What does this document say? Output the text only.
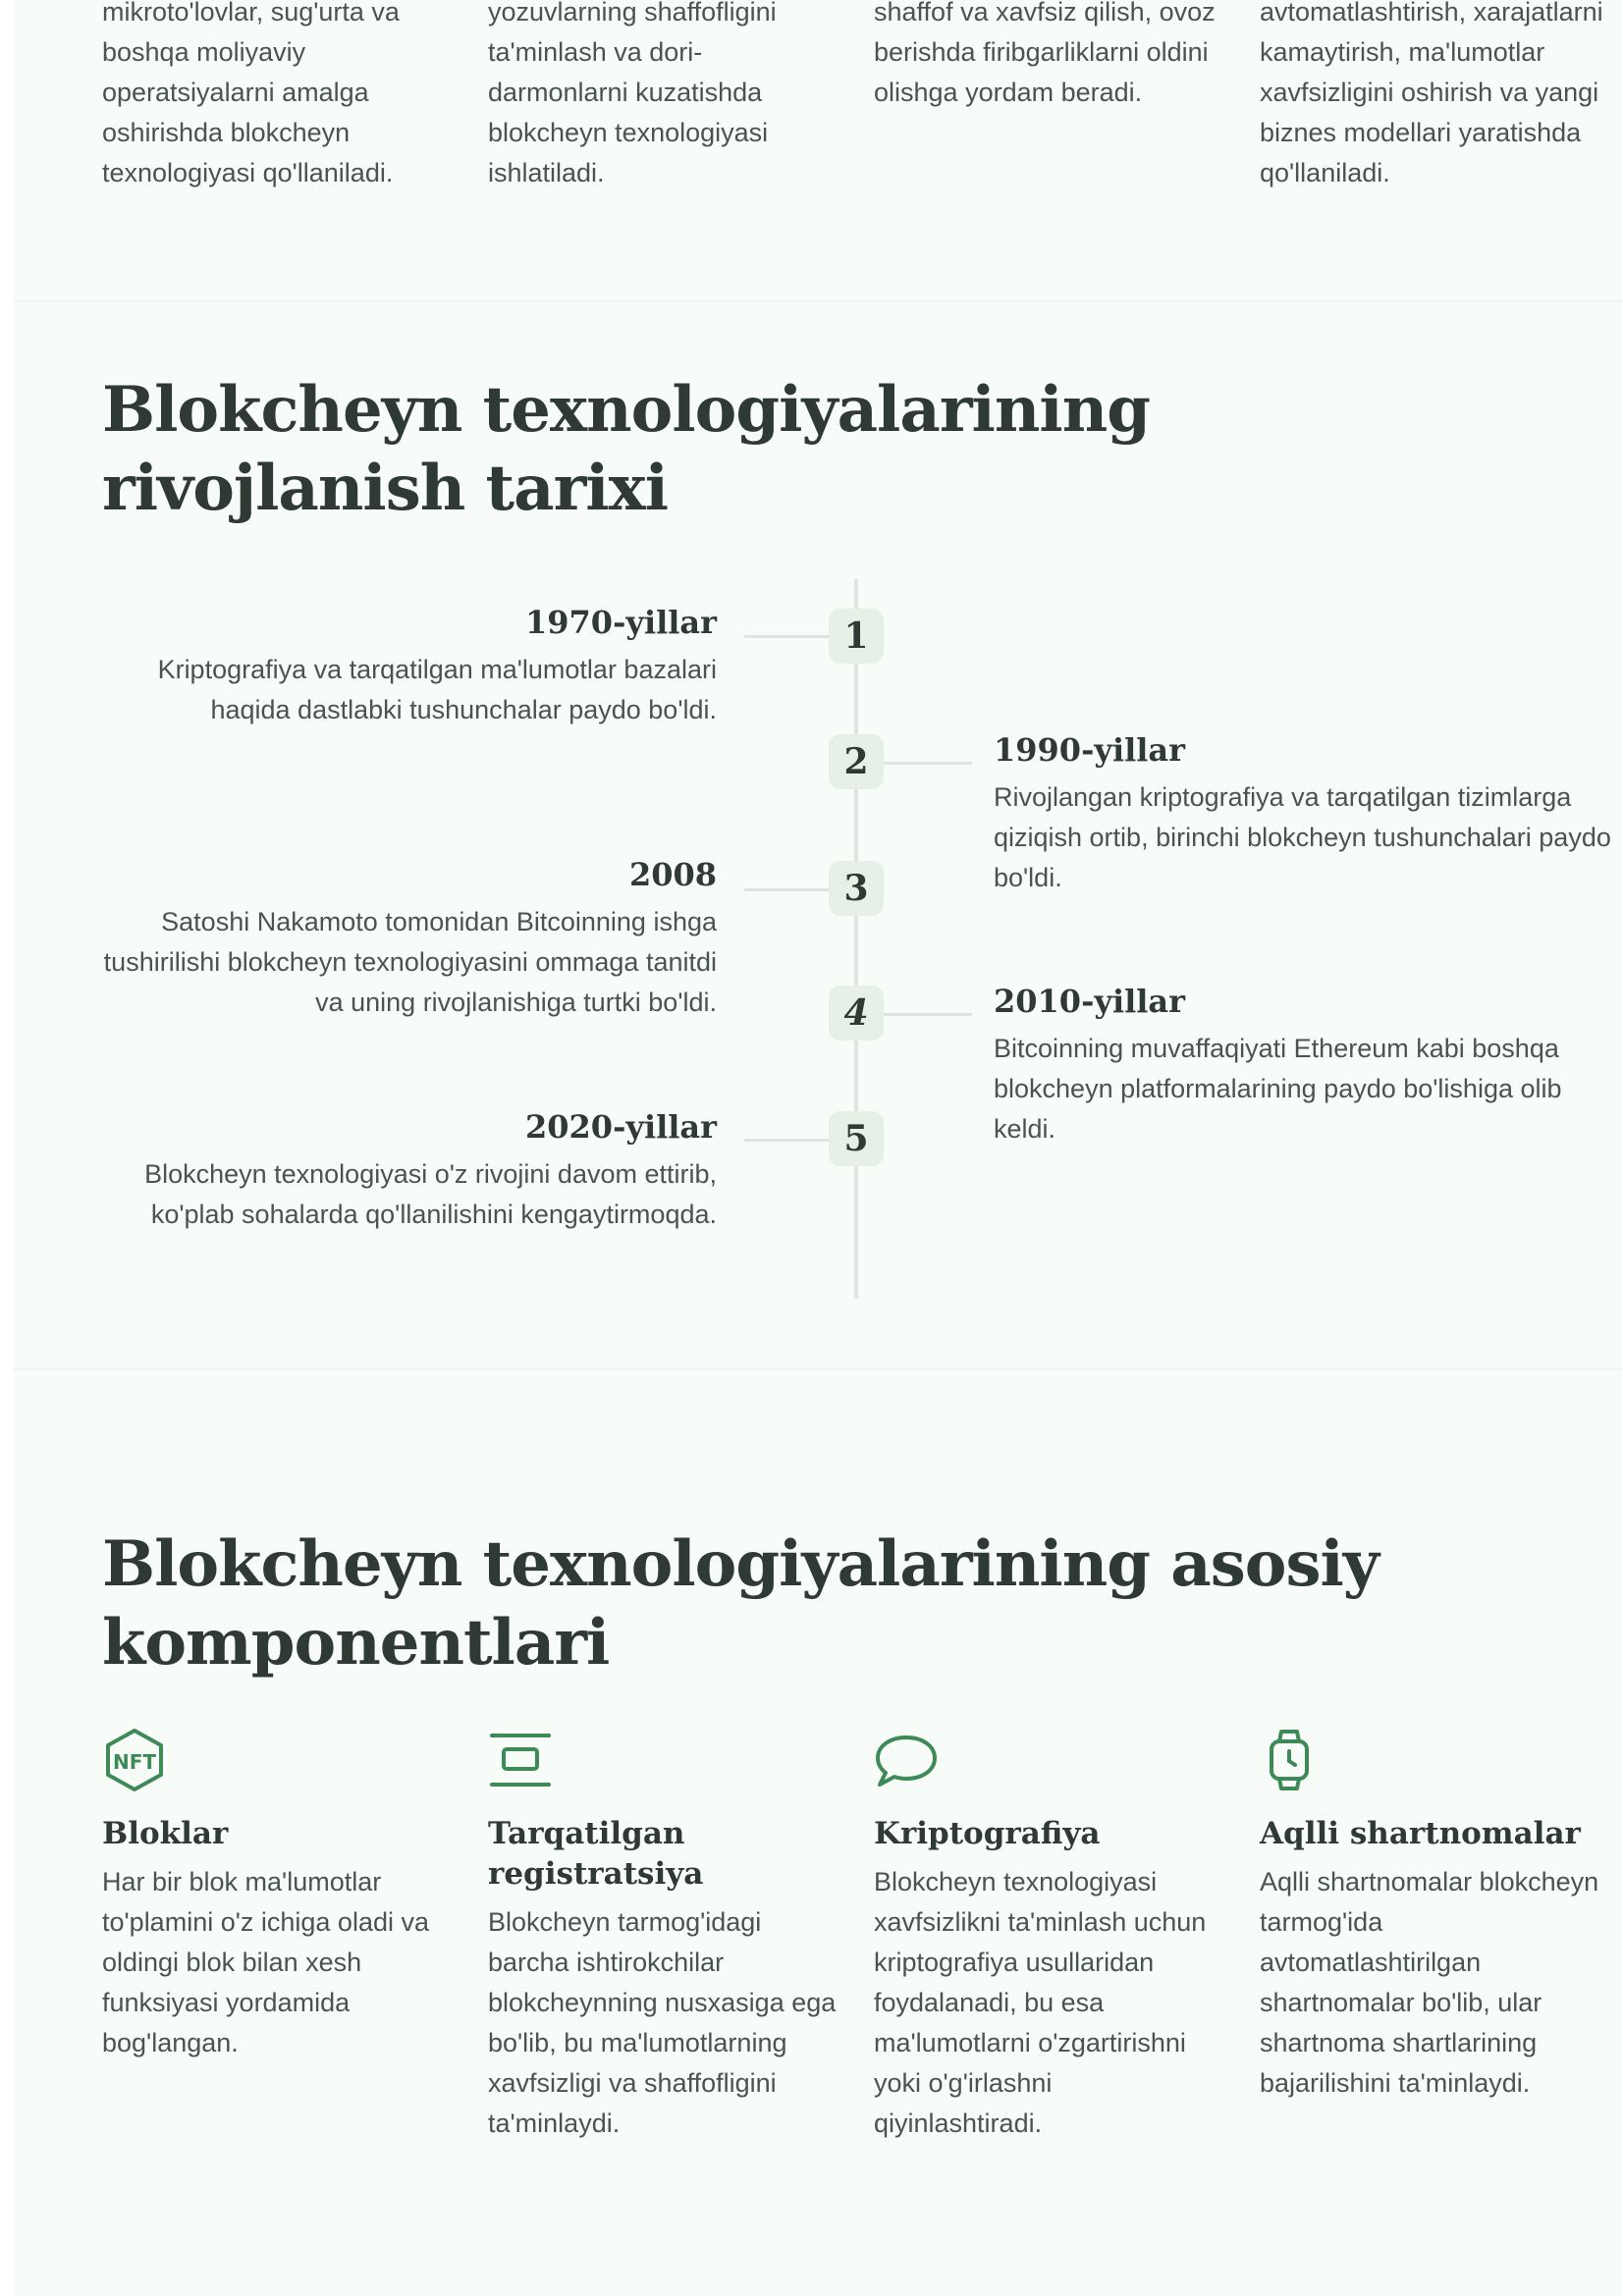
mikroto'lovlar, sug'urta va boshqa moliyaviy operatsiyalarni amalga oshirishda blokcheyn texnologiyasi qo'llaniladi.
yozuvlarning shaffofligini ta'minlash va dori-darmonlarni kuzatishda blokcheyn texnologiyasi ishlatiladi.
shaffof va xavfsiz qilish, ovoz berishda firibgarliklarni oldini olishga yordam beradi.
avtomatlashtirish, xarajatlarni kamaytirish, ma'lumotlar xavfsizligini oshirish va yangi biznes modellari yaratishda qo'llaniladi.
Blokcheyn texnologiyalarining rivojlanish tarixi
1
2
3
4
5
1970-yillar
Kriptografiya va tarqatilgan ma'lumotlar bazalari haqida dastlabki tushunchalar paydo bo'ldi.
1990-yillar
Rivojlangan kriptografiya va tarqatilgan tizimlarga qiziqish ortib, birinchi blokcheyn tushunchalari paydo bo'ldi.
2008
Satoshi Nakamoto tomonidan Bitcoinning ishga tushirilishi blokcheyn texnologiyasini ommaga tanitdi va uning rivojlanishiga turtki bo'ldi.	2010-yillar
Bitcoinning muvaffaqiyati Ethereum kabi boshqa blokcheyn platformalarining paydo bo'lishiga olib keldi.
2020-yillar
Blokcheyn texnologiyasi o'z rivojini davom ettirib, ko'plab sohalarda qo'llanilishini kengaytirmoqda.
Blokcheyn texnologiyalarining asosiy komponentlari
NFT
Bloklar
Har bir blok ma'lumotlar to'plamini o'z ichiga oladi va oldingi blok bilan xesh funksiyasi yordamida bog'langan.
Tarqatilgan registratsiya
Blokcheyn tarmog'idagi barcha ishtirokchilar blokcheynning nusxasiga ega bo'lib, bu ma'lumotlarning xavfsizligi va shaffofligini ta'minlaydi.
Kriptografiya
Blokcheyn texnologiyasi xavfsizlikni ta'minlash uchun kriptografiya usullaridan foydalanadi, bu esa ma'lumotlarni o'zgartirishni yoki o'g'irlashni qiyinlashtiradi.
Aqlli shartnomalar
Aqlli shartnomalar blokcheyn tarmog'ida avtomatlashtirilgan shartnomalar bo'lib, ular shartnoma shartlarining bajarilishini ta'minlaydi.
